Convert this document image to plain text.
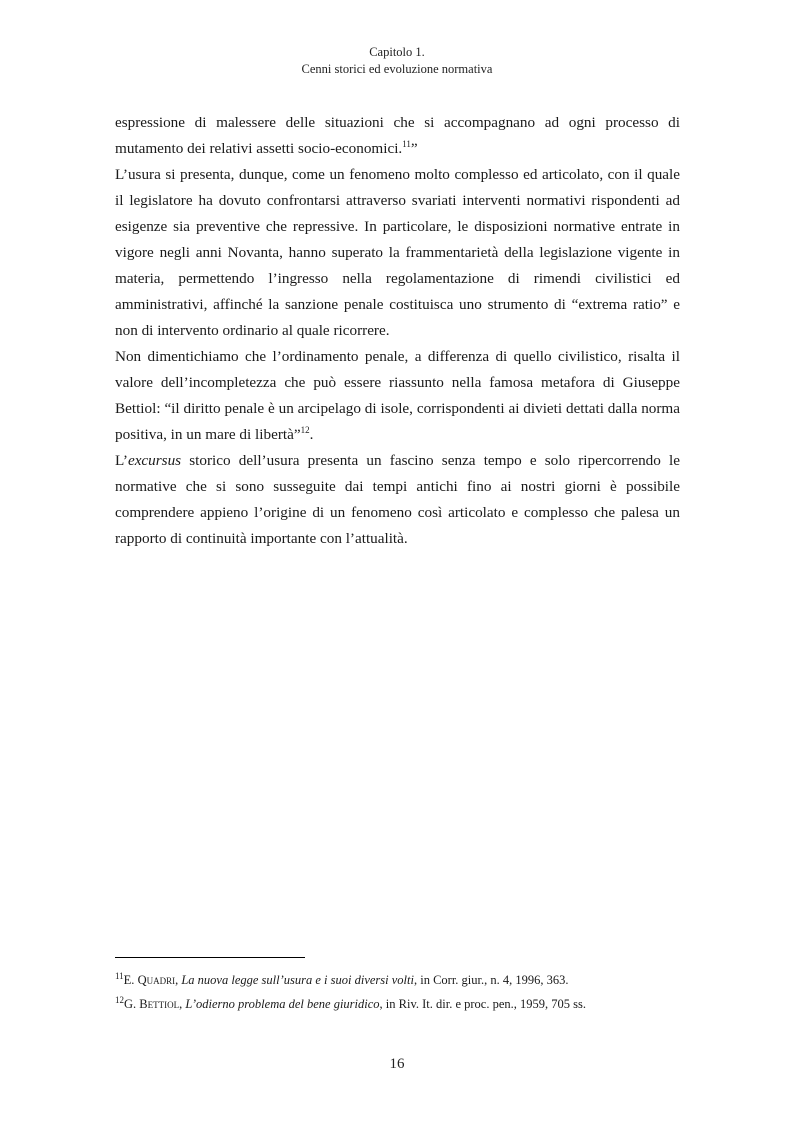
Capitolo 1.
Cenni storici ed evoluzione normativa

espressione di malessere delle situazioni che si accompagnano ad ogni processo di mutamento dei relativi assetti socio-economici.$^{11}$”

L’usura si presenta, dunque, come un fenomeno molto complesso ed articolato, con il quale il legislatore ha dovuto confrontarsi attraverso svariati interventi normativi rispondenti ad esigenze sia preventive che repressive. In particolare, le disposizioni normative entrate in vigore negli anni Novanta, hanno superato la frammentarietà della legislazione vigente in materia, permettendo l’ingresso nella regolamentazione di rimendi civilistici ed amministrativi, affinché la sanzione penale costituisca uno strumento di “extrema ratio” e non di intervento ordinario al quale ricorrere.

Non dimentichiamo che l’ordinamento penale, a differenza di quello civilistico, risalta il valore dell’incompletezza che può essere riassunto nella famosa metafora di Giuseppe Bettiol: “il diritto penale è un arcipelago di isole, corrispondenti ai divieti dettati dalla norma positiva, in un mare di libertà”$^{12}$.

L’excursus storico dell’usura presenta un fascino senza tempo e solo ripercorrendo le normative che si sono susseguite dai tempi antichi fino ai nostri giorni è possibile comprendere appieno l’origine di un fenomeno così articolato e complesso che palesa un rapporto di continuità importante con l’attualità.

$^{11}$E. Quadri, La nuova legge sull’usura e i suoi diversi volti, in Corr. giur., n. 4, 1996, 363.
$^{12}$G. Bettiol, L’odierno problema del bene giuridico, in Riv. It. dir. e proc. pen., 1959, 705 ss.
16
